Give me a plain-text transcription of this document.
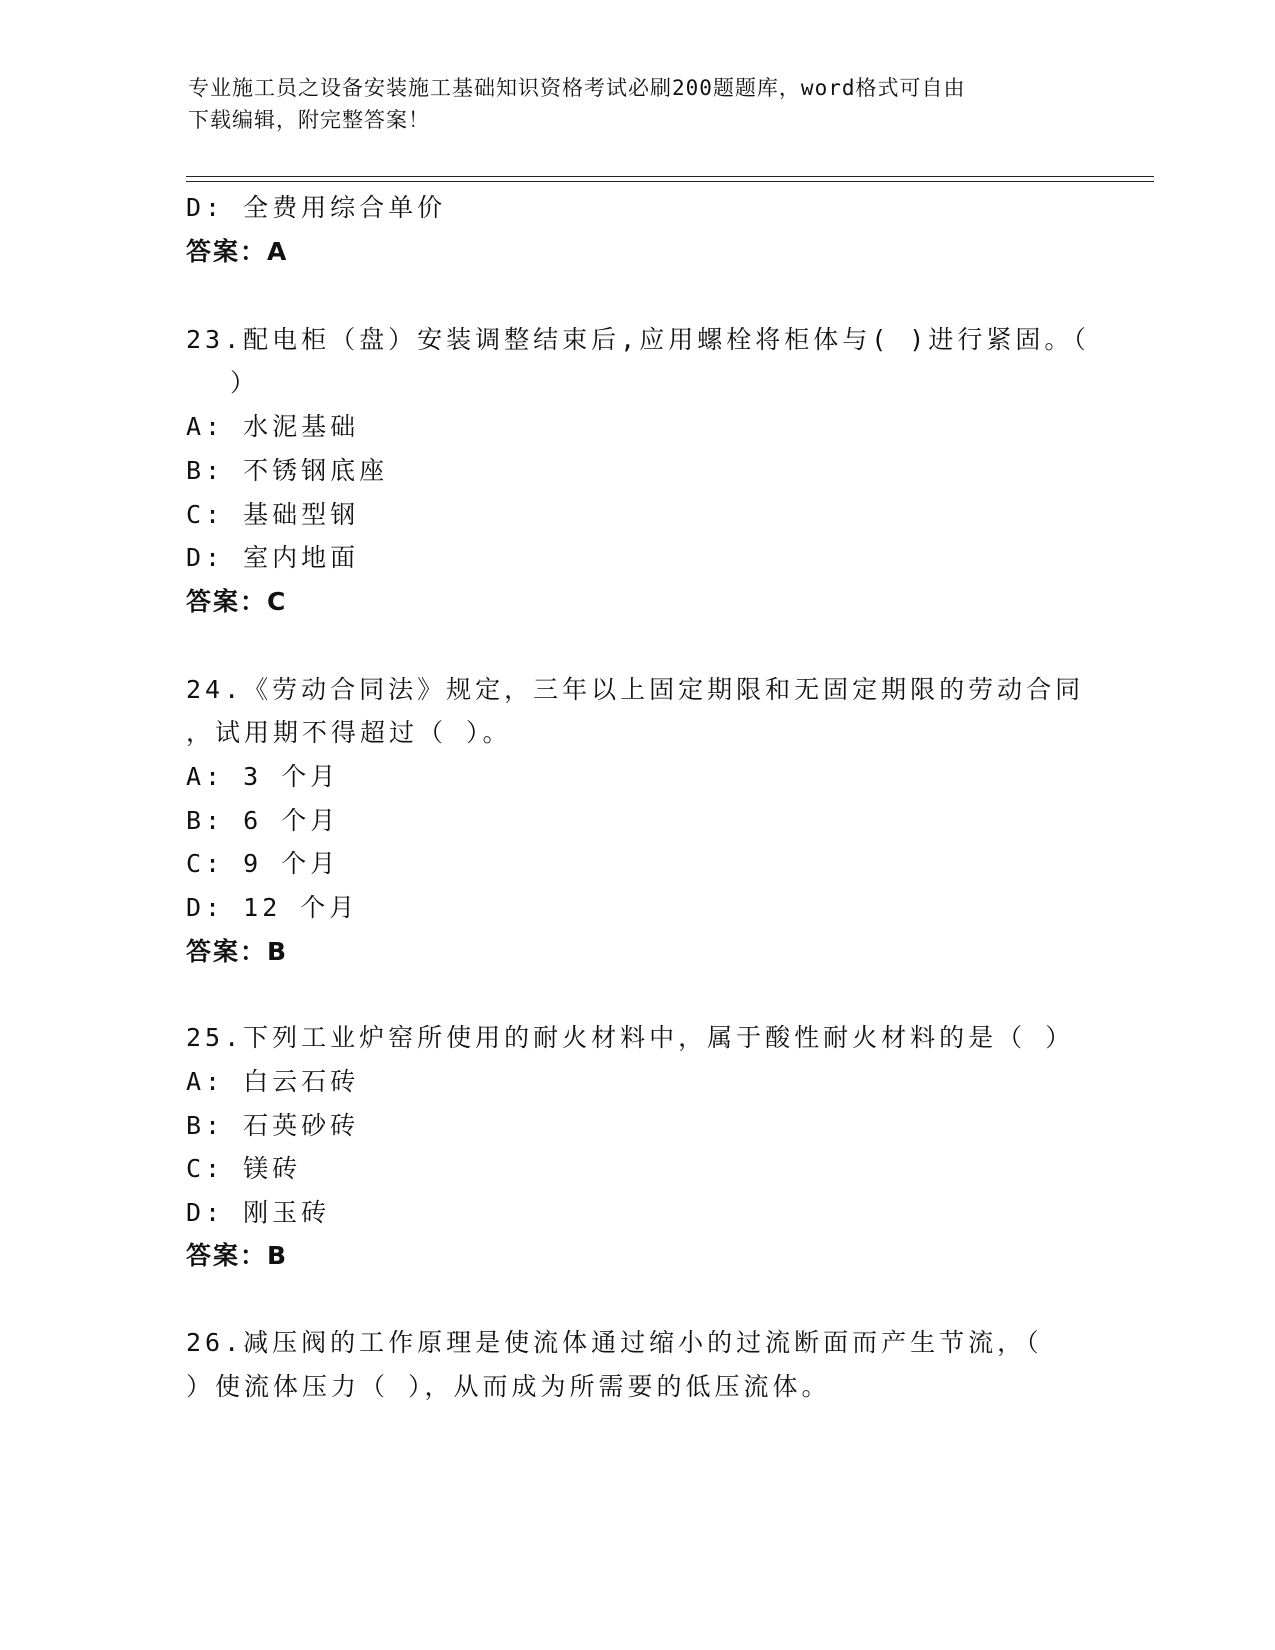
专业施工员之设备安装施工基础知识资格考试必刷200题题库，word格式可自由
下载编辑，附完整答案！
D: 全费用综合单价
答案：A
23.配电柜（盘）安装调整结束后,应用螺栓将柜体与( )进行紧固。（
）
A: 水泥基础
B: 不锈钢底座
C: 基础型钢
D: 室内地面
答案：C
24.《劳动合同法》规定，三年以上固定期限和无固定期限的劳动合同
，试用期不得超过（ ）。
A: 3 个月
B: 6 个月
C: 9 个月
D: 12 个月
答案：B
25.下列工业炉窑所使用的耐火材料中，属于酸性耐火材料的是（ ）
A: 白云石砖
B: 石英砂砖
C: 镁砖
D: 刚玉砖
答案：B
26.减压阀的工作原理是使流体通过缩小的过流断面而产生节流，（
）使流体压力（ ），从而成为所需要的低压流体。
